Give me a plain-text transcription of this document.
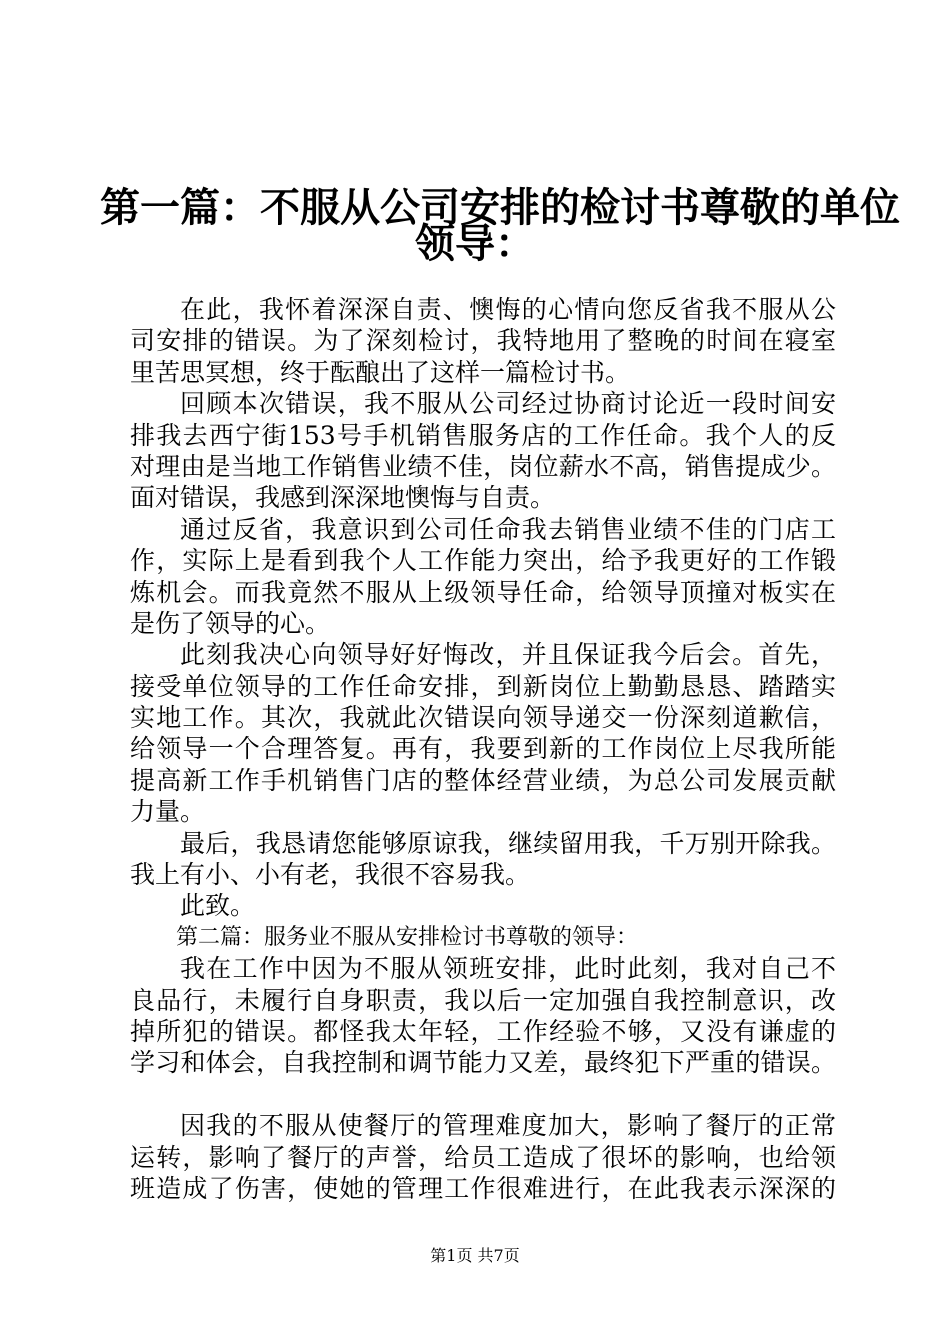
第一篇：不服从公司安排的检讨书尊敬的单位
领导：
在此，我怀着深深自责、懊悔的心情向您反省我不服从公
司安排的错误。为了深刻检讨，我特地用了整晚的时间在寝室
里苦思冥想，终于酝酿出了这样一篇检讨书。
回顾本次错误，我不服从公司经过协商讨论近一段时间安
排我去西宁街153号手机销售服务店的工作任命。我个人的反
对理由是当地工作销售业绩不佳，岗位薪水不高，销售提成少。
面对错误，我感到深深地懊悔与自责。
通过反省，我意识到公司任命我去销售业绩不佳的门店工
作，实际上是看到我个人工作能力突出，给予我更好的工作锻
炼机会。而我竟然不服从上级领导任命，给领导顶撞对板实在
是伤了领导的心。
此刻我决心向领导好好悔改，并且保证我今后会。首先，
接受单位领导的工作任命安排，到新岗位上勤勤恳恳、踏踏实
实地工作。其次，我就此次错误向领导递交一份深刻道歉信，
给领导一个合理答复。再有，我要到新的工作岗位上尽我所能
提高新工作手机销售门店的整体经营业绩，为总公司发展贡献
力量。
最后，我恳请您能够原谅我，继续留用我，千万别开除我。
我上有小、小有老，我很不容易我。
此致。
第二篇：服务业不服从安排检讨书尊敬的领导：
我在工作中因为不服从领班安排，此时此刻，我对自己不
良品行，未履行自身职责，我以后一定加强自我控制意识，改
掉所犯的错误。都怪我太年轻，工作经验不够，又没有谦虚的
学习和体会，自我控制和调节能力又差，最终犯下严重的错误。
因我的不服从使餐厅的管理难度加大，影响了餐厅的正常
运转，影响了餐厅的声誉，给员工造成了很坏的影响，也给领
班造成了伤害，使她的管理工作很难进行，在此我表示深深的
第1页 共7页
